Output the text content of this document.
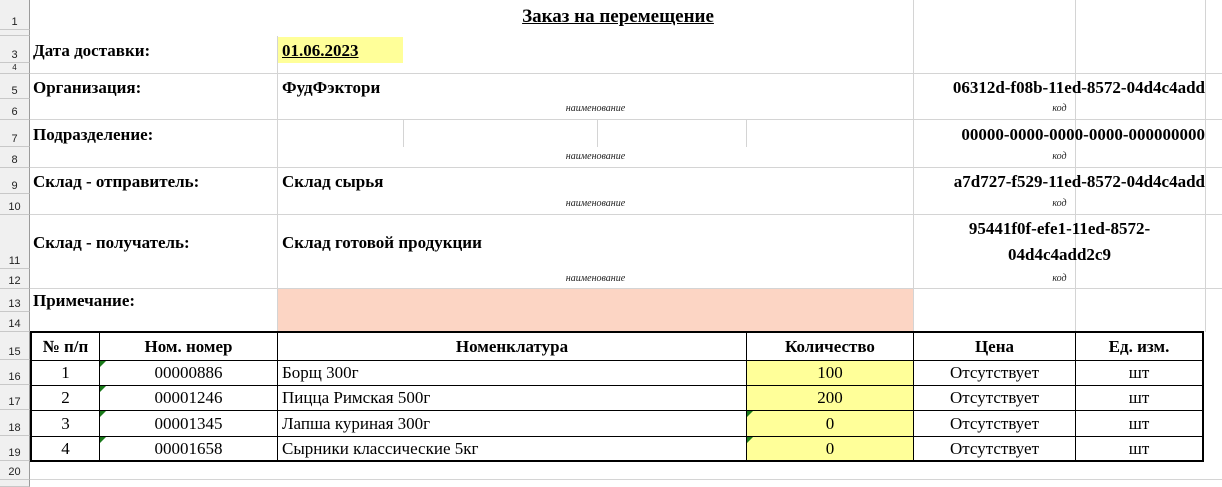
1
3
4
5
6
7
8
9
10
11
12
13
14
15
16
17
18
19
20
Заказ на перемещение
Дата доставки:	01.06.2023
Организация:	ФудФэктори	06312d-f08b-11ed-8572-04d4c4add
наименование	код
Подразделение:	00000-0000-0000-0000-000000000
наименование	код
Склад - отправитель:	Склад сырья	a7d727-f529-11ed-8572-04d4c4add
наименование	код
Склад - получатель:	Склад готовой продукции
95441f0f-efe1-11ed-8572-
04d4c4add2c9
наименование	код
Примечание:
№ п/п	Ном. номер	Номенклатура	Количество	Цена	Ед. изм.
1	00000886	Борщ 300г	100	Отсутствует	шт
2	00001246	Пицца Римская 500г	200	Отсутствует	шт
3	00001345	Лапша куриная 300г	0	Отсутствует	шт
4	00001658	Сырники классические 5кг	0	Отсутствует	шт
